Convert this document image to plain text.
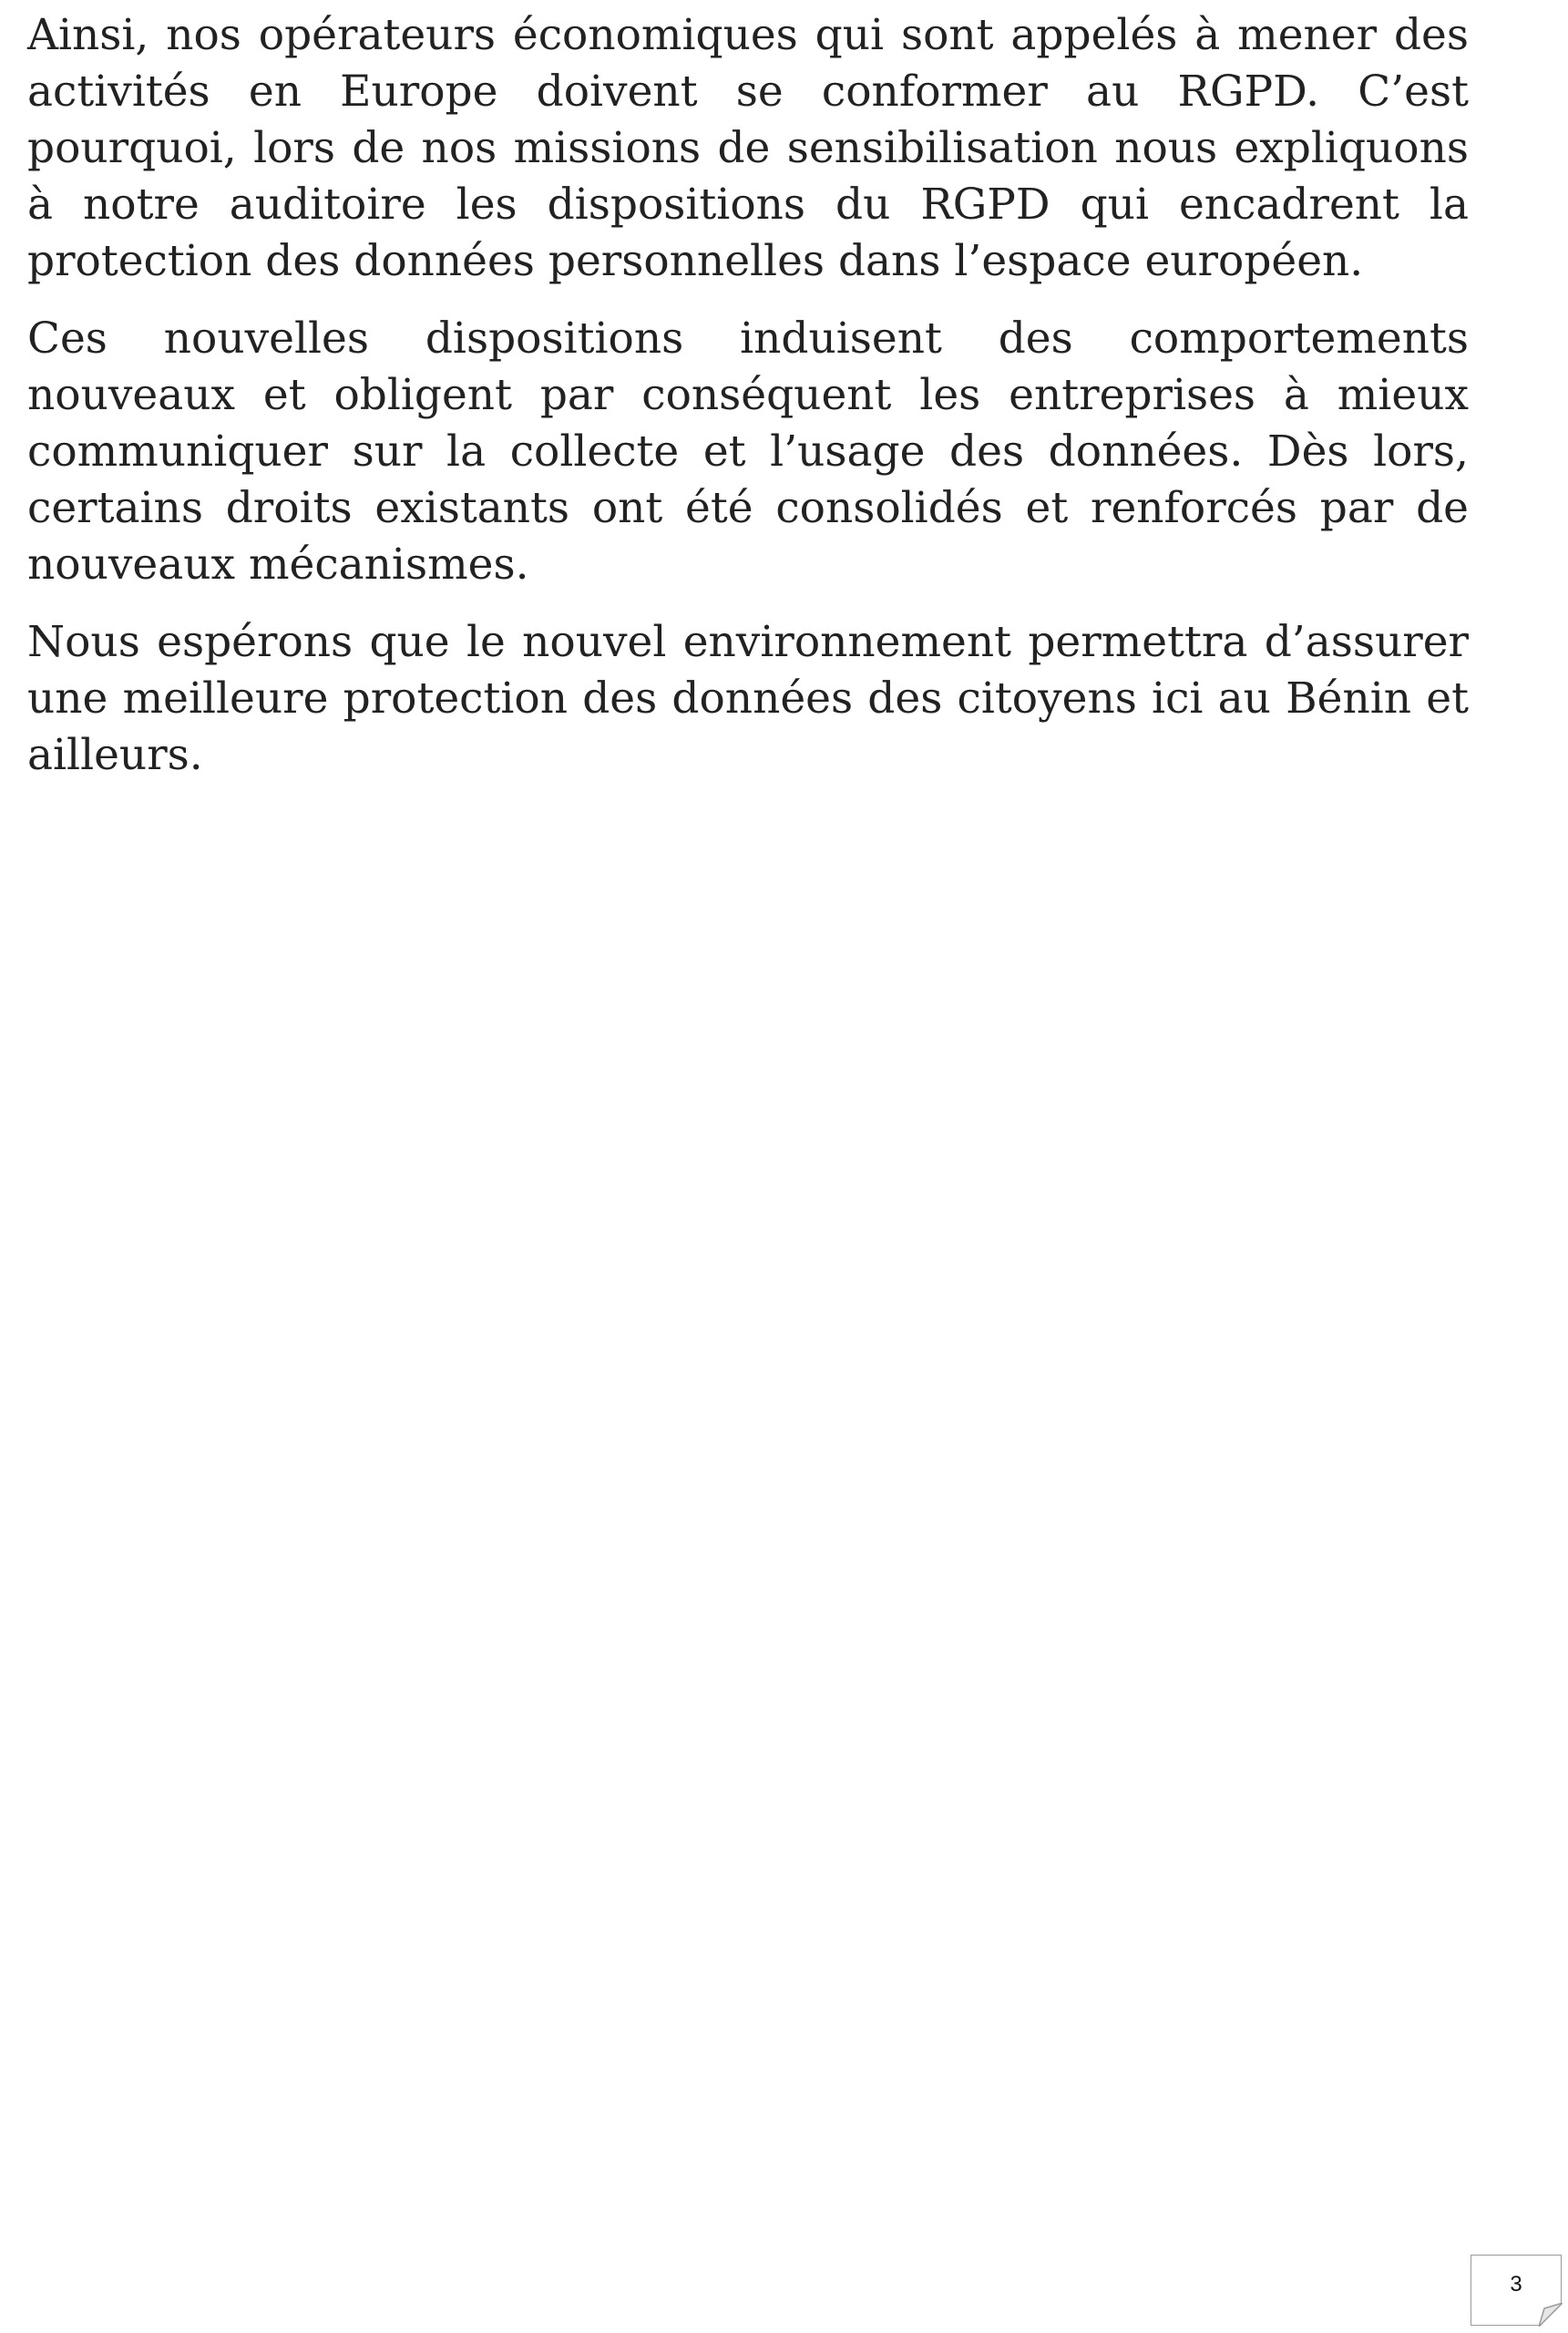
Ainsi, nos opérateurs économiques qui sont appelés à mener des activités en Europe doivent se conformer au RGPD. C’est pourquoi, lors de nos missions de sensibilisation nous expliquons à notre auditoire les dispositions du RGPD qui encadrent la protection des données personnelles dans l’espace européen.

Ces nouvelles dispositions induisent des comportements nouveaux et obligent par conséquent les entreprises à mieux communiquer sur la collecte et l’usage des données. Dès lors, certains droits existants ont été consolidés et renforcés par de nouveaux mécanismes.

Nous espérons que le nouvel environnement permettra d’assurer une meilleure protection des données des citoyens ici au Bénin et ailleurs.

3
